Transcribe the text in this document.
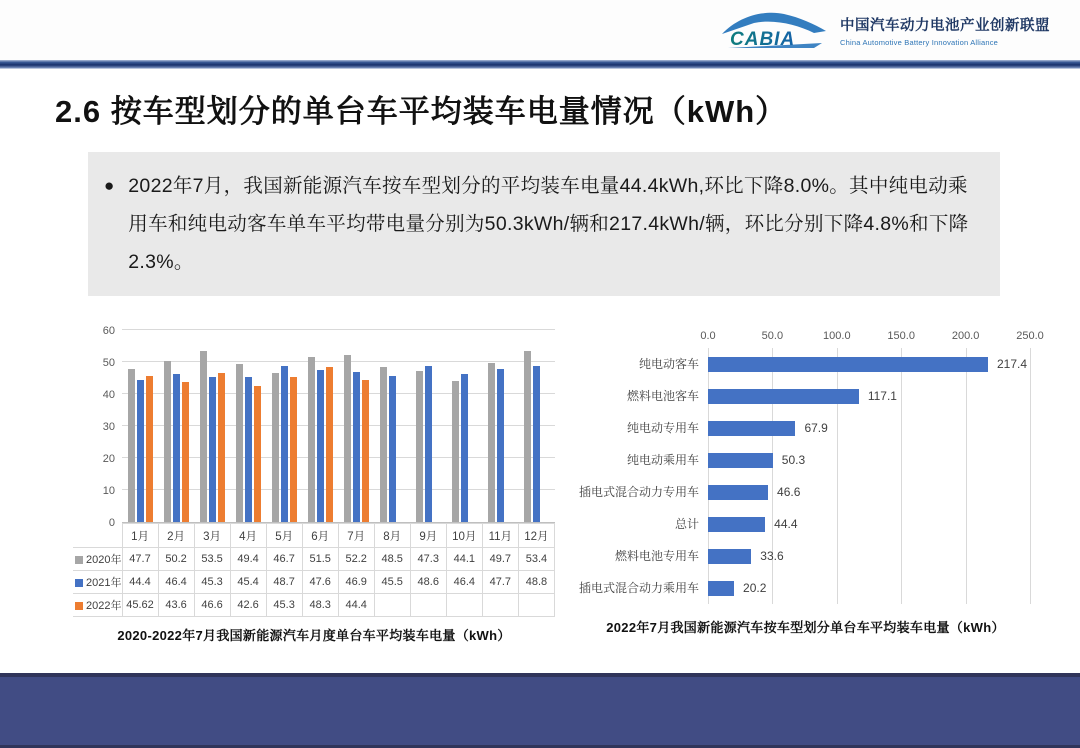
CABIA
中国汽车动力电池产业创新联盟
China Automotive Battery Innovation Alliance
2.6 按车型划分的单台车平均装车电量情况（kWh）
● 2022年7月，我国新能源汽车按车型划分的平均装车电量44.4kWh,环比下降8.0%。其中纯电动乘用车和纯电动客车单车平均带电量分别为50.3kWh/辆和217.4kWh/辆，环比分别下降4.8%和下降2.3%。
0
10
20
30
40
50
60
	1月	2月	3月	4月	5月	6月	7月	8月	9月	10月	11月	12月
2020年	47.7	50.2	53.5	49.4	46.7	51.5	52.2	48.5	47.3	44.1	49.7	53.4
2021年	44.4	46.4	45.3	45.4	48.7	47.6	46.9	45.5	48.6	46.4	47.7	48.8
2022年	45.62	43.6	46.6	42.6	45.3	48.3	44.4					
2020-2022年7月我国新能源汽车月度单台车平均装车电量（kWh）
0.0	50.0	100.0	150.0	200.0	250.0
纯电动客车
燃料电池客车
纯电动专用车
纯电动乘用车
插电式混合动力专用车
总计
燃料电池专用车
插电式混合动力乘用车
217.4
117.1
67.9
50.3
46.6
44.4
33.6
20.2
2022年7月我国新能源汽车按车型划分单台车平均装车电量（kWh）
